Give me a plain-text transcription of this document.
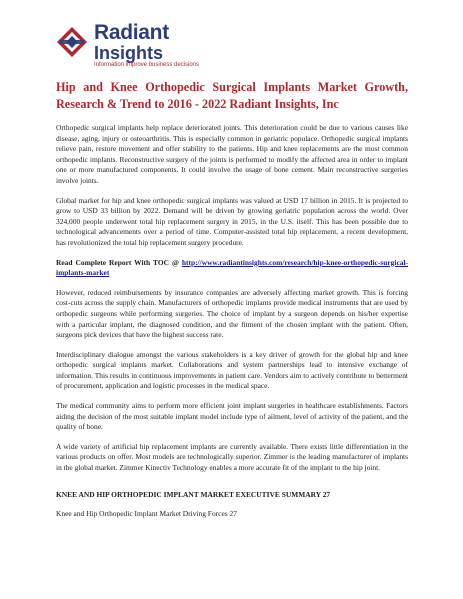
Radiant
Insights
Information improve business decisions
Hip and Knee Orthopedic Surgical Implants Market Growth, Research & Trend to 2016 - 2022 Radiant Insights, Inc

Orthopedic surgical implants help replace deteriorated joints. This deterioration could be due to various causes like disease, aging, injury or osteoarthritis. This is especially common in geriatric populace. Orthopedic surgical implants relieve pain, restore movement and offer stability to the patients. Hip and knee replacements are the most common orthopedic implants. Reconstructive surgery of the joints is performed to modify the affected area in order to implant one or more manufactured components. It could involve the usage of bone cement. Main reconstructive surgeries involve joints.

Global market for hip and knee orthopedic surgical implants was valued at USD 17 billion in 2015. It is projected to grow to USD 33 billion by 2022. Demand will be driven by growing geriatric population across the world. Over 324,000 people underwent total hip replacement surgery in 2015, in the U.S. itself. This has been possible due to technological advancements over a period of time. Computer-assisted total hip replacement, a recent development, has revolutionized the total hip replacement surgery procedure.

Read Complete Report With TOC @ http://www.radiantinsights.com/research/hip-knee-orthopedic-surgical-implants-market

However, reduced reimbursements by insurance companies are adversely affecting market growth. This is forcing cost-cuts across the supply chain. Manufacturers of orthopedic implants provide medical instruments that are used by orthopedic surgeons while performing surgeries. The choice of implant by a surgeon depends on his/her expertise with a particular implant, the diagnosed condition, and the fitment of the chosen implant with the patient. Often, surgeons pick devices that have the highest success rate.

Interdisciplinary dialogue amongst the various stakeholders is a key driver of growth for the global hip and knee orthopedic surgical implants market. Collaborations and system partnerships lead to intensive exchange of information. This results in continuous improvements in patient care. Vendors aim to actively contribute to betterment of procurement, application and logistic processes in the medical space.

The medical community aims to perform more efficient joint implant surgeries in healthcare establishments. Factors aiding the decision of the most suitable implant model include type of ailment, level of activity of the patient, and the quality of bone.

A wide variety of artificial hip replacement implants are currently available. There exists little differentiation in the various products on offer. Most models are technologically superior. Zimmer is the leading manufacturer of implants in the global market. Zimmer Kinectiv Technology enables a more accurate fit of the implant to the hip joint.

KNEE AND HIP ORTHOPEDIC IMPLANT MARKET EXECUTIVE SUMMARY 27

Knee and Hip Orthopedic Implant Market Driving Forces 27
